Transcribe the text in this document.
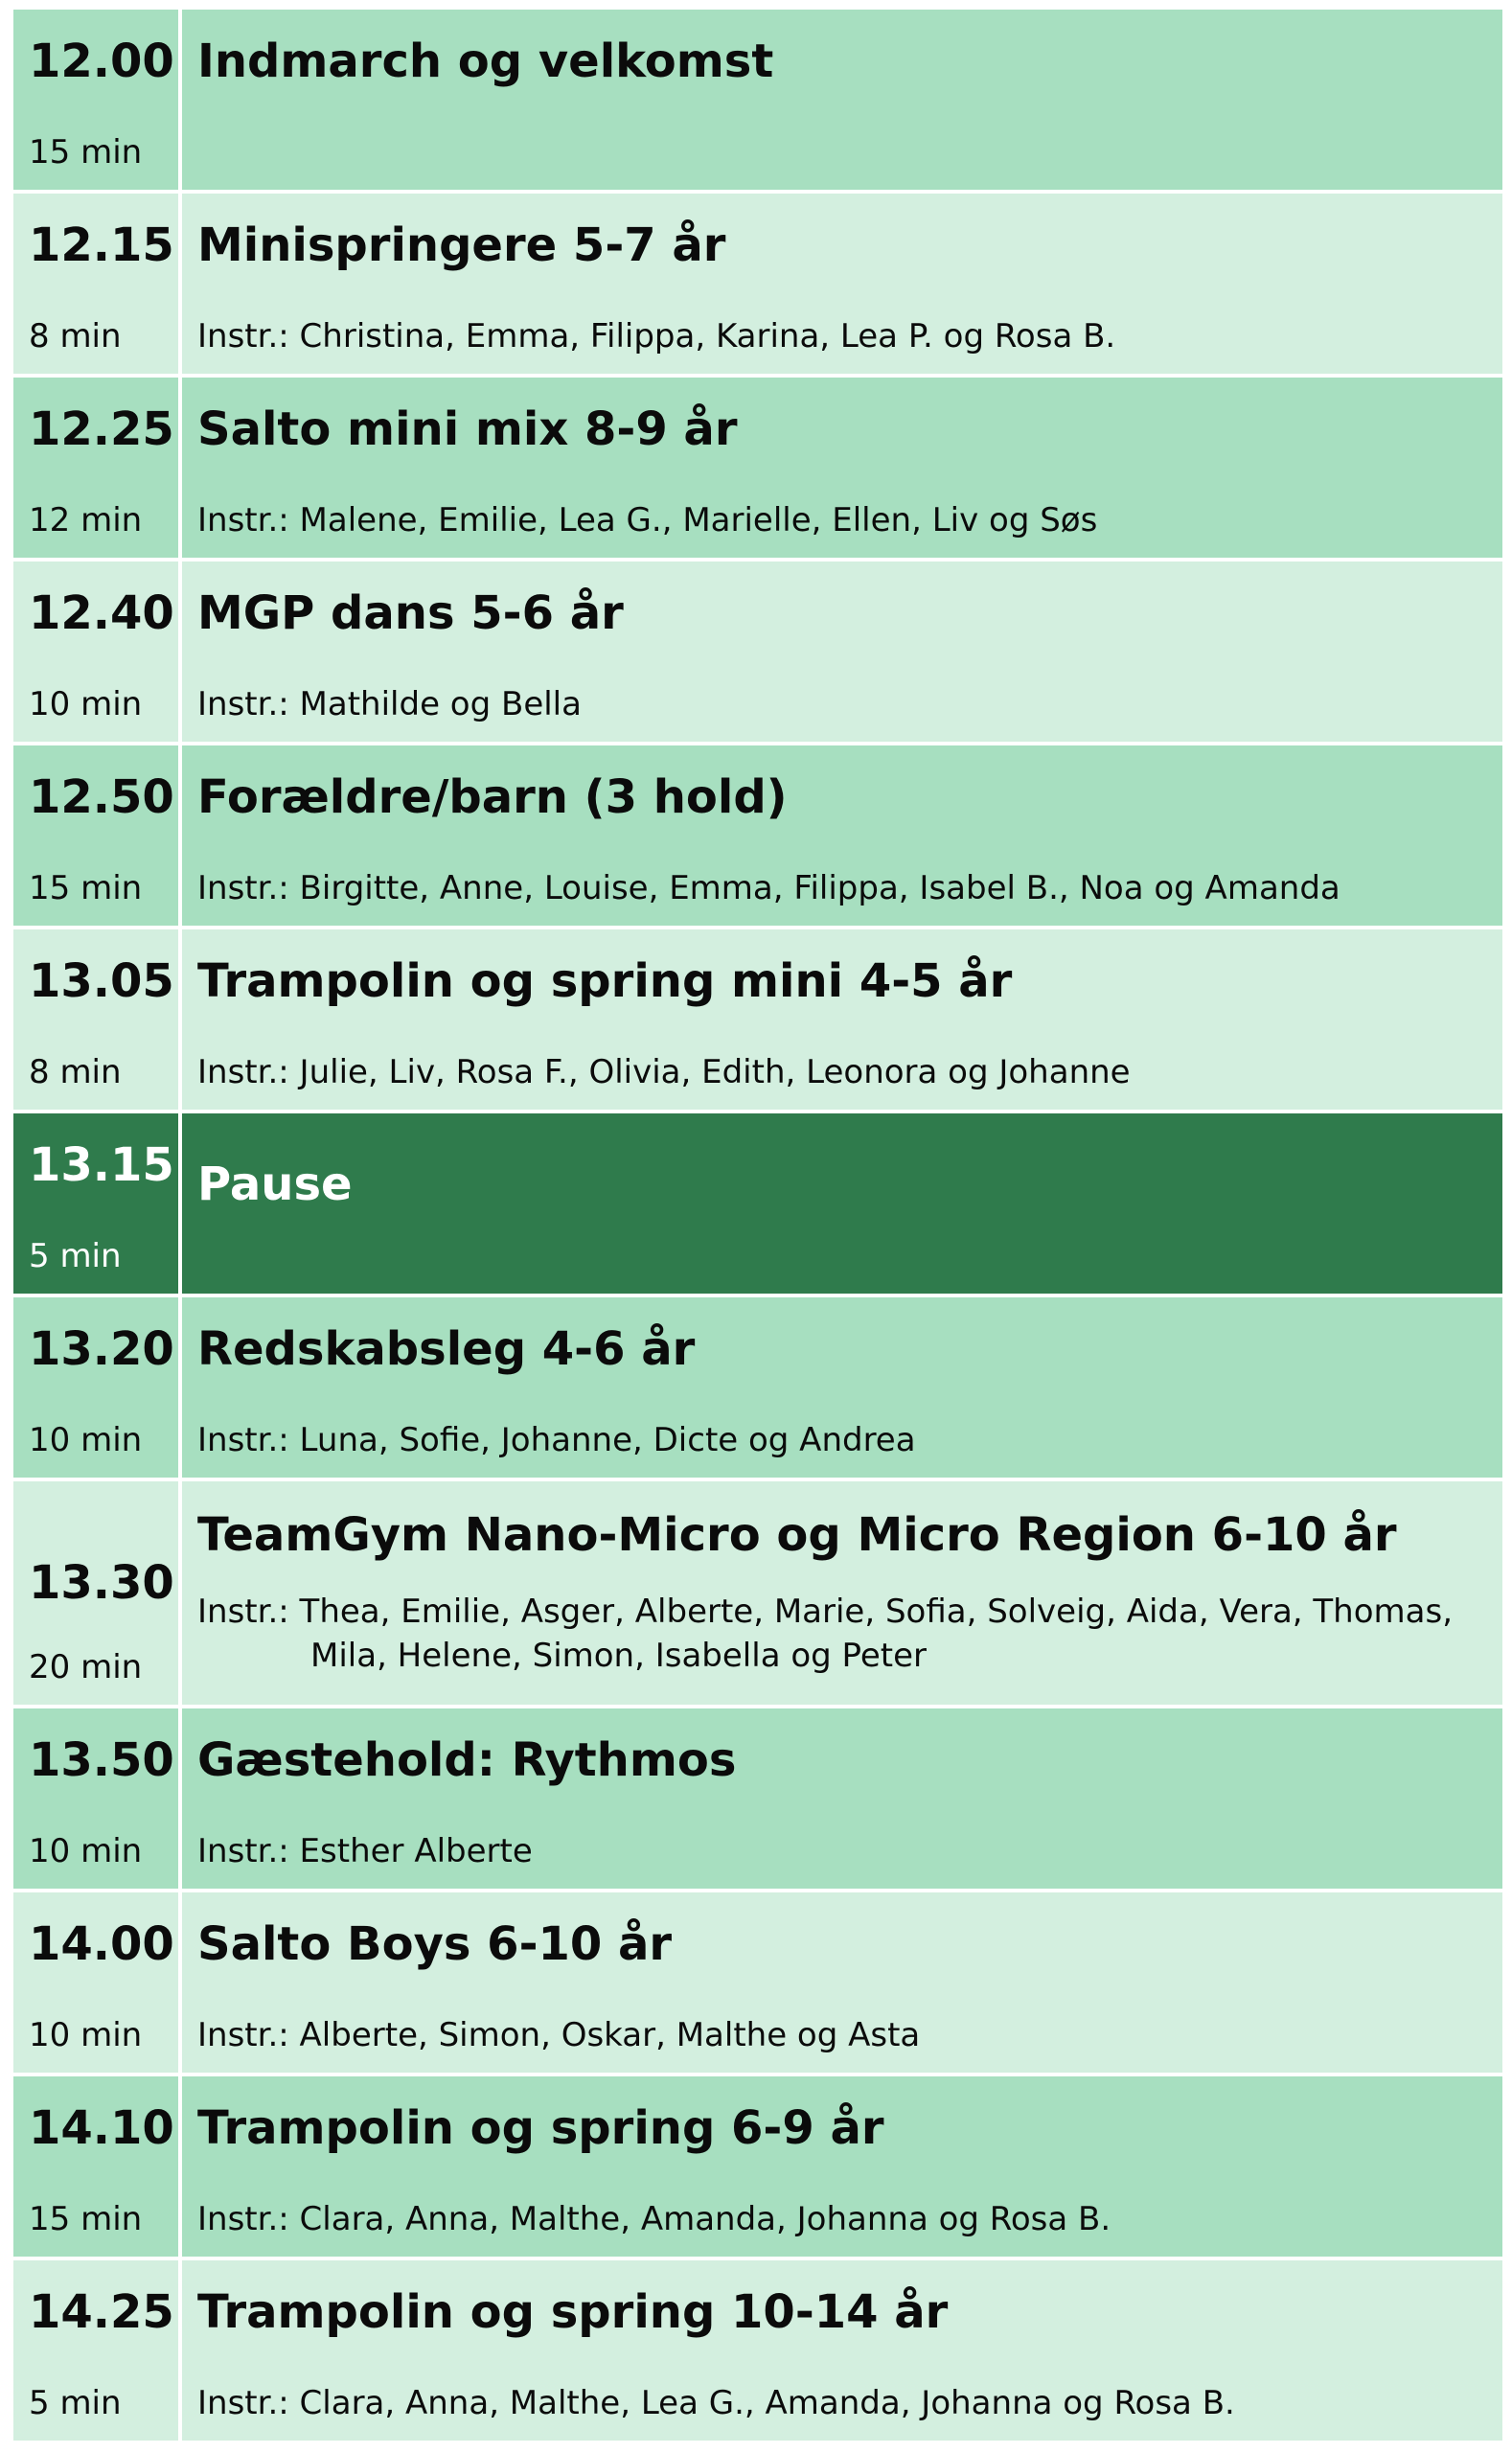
12.00
15 min
Indmarch og velkomst
12.15
8 min
Minispringere 5-7 år
Instr.: Christina, Emma, Filippa, Karina, Lea P. og Rosa B.
12.25
12 min
Salto mini mix 8-9 år
Instr.: Malene, Emilie, Lea G., Marielle, Ellen, Liv og Søs
12.40
10 min
MGP dans 5-6 år
Instr.: Mathilde og Bella
12.50
15 min
Forældre/barn (3 hold)
Instr.: Birgitte, Anne, Louise, Emma, Filippa, Isabel B., Noa og Amanda
13.05
8 min
Trampolin og spring mini 4-5 år
Instr.: Julie, Liv, Rosa F., Olivia, Edith, Leonora og Johanne
13.15
5 min
Pause
13.20
10 min
Redskabsleg 4-6 år
Instr.: Luna, Sofie, Johanne, Dicte og Andrea
13.30
20 min
TeamGym Nano-Micro og Micro Region 6-10 år
Instr.: Thea, Emilie, Asger, Alberte, Marie, Sofia, Solveig, Aida, Vera, Thomas,
Mila, Helene, Simon, Isabella og Peter
13.50
10 min
Gæstehold: Rythmos
Instr.: Esther Alberte
14.00
10 min
Salto Boys 6-10 år
Instr.: Alberte, Simon, Oskar, Malthe og Asta
14.10
15 min
Trampolin og spring 6-9 år
Instr.: Clara, Anna, Malthe, Amanda, Johanna og Rosa B.
14.25
5 min
Trampolin og spring 10-14 år
Instr.: Clara, Anna, Malthe, Lea G., Amanda, Johanna og Rosa B.
